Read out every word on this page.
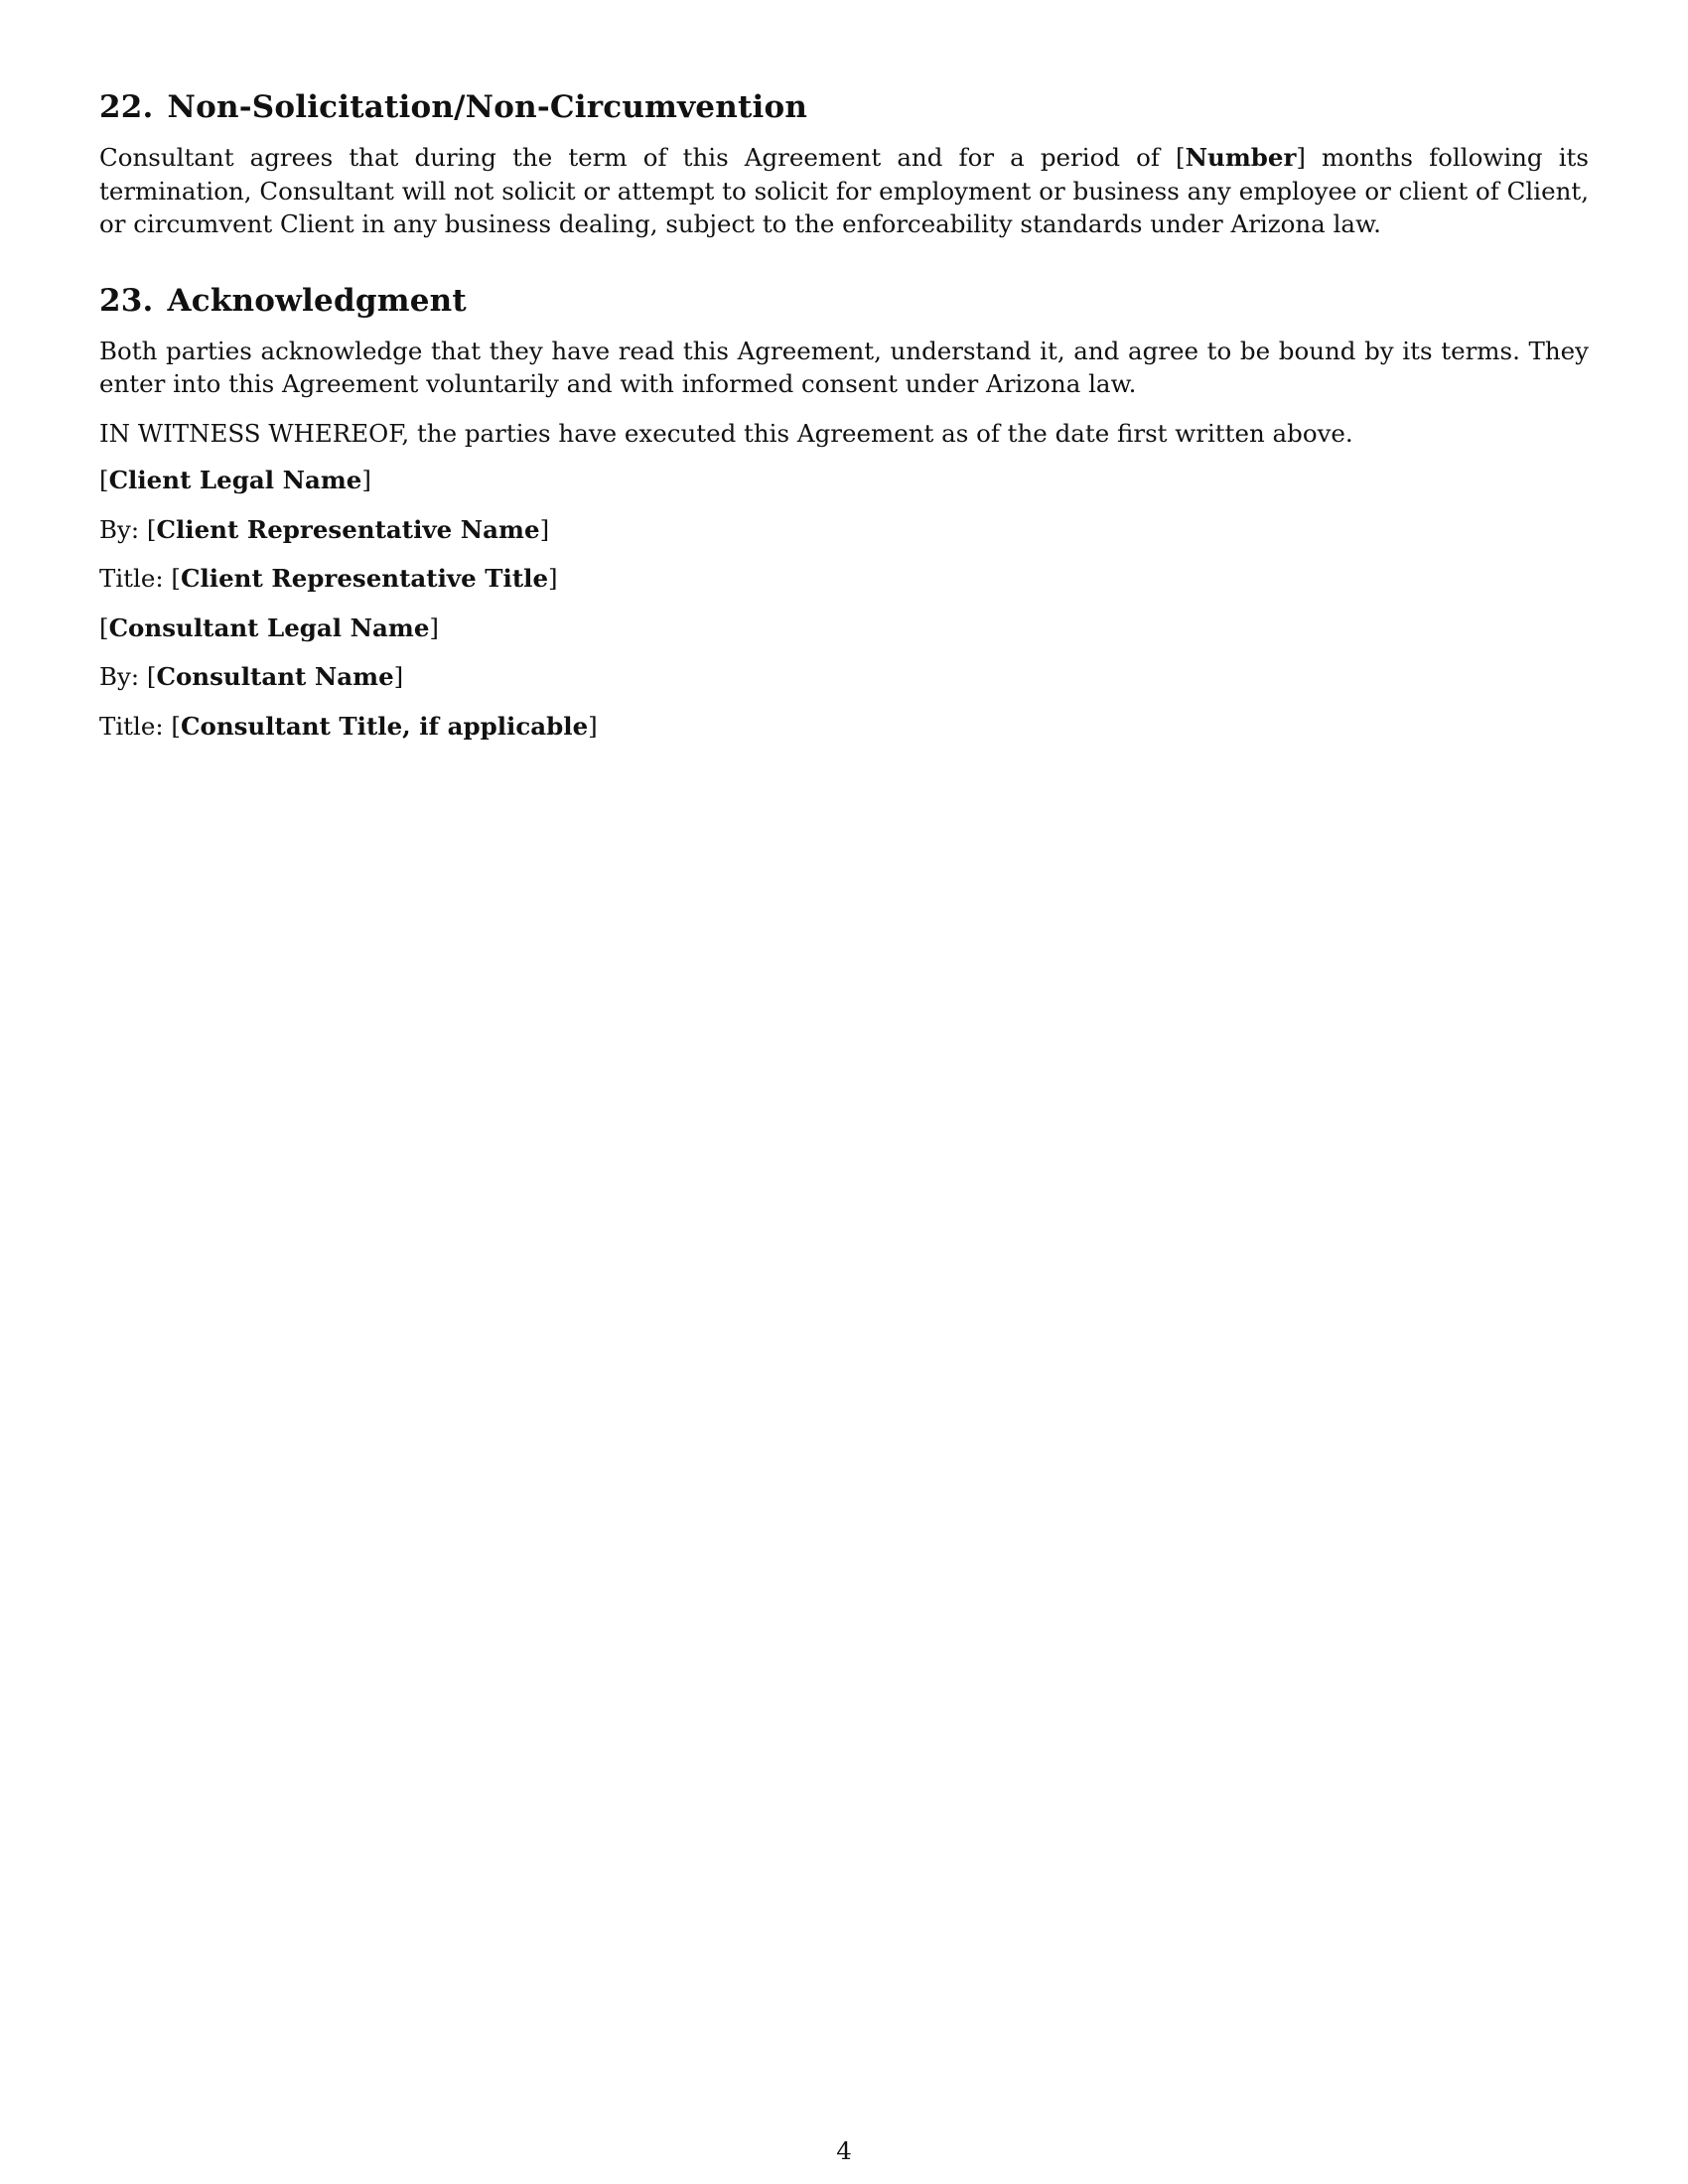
22. Non-Solicitation/Non-Circumvention

Consultant agrees that during the term of this Agreement and for a period of [Number] months following its termination, Consultant will not solicit or attempt to solicit for employment or business any employee or client of Client, or circumvent Client in any business dealing, subject to the enforceability standards under Arizona law.

23. Acknowledgment

Both parties acknowledge that they have read this Agreement, understand it, and agree to be bound by its terms. They enter into this Agreement voluntarily and with informed consent under Arizona law.

IN WITNESS WHEREOF, the parties have executed this Agreement as of the date first written above.

[Client Legal Name]

By: [Client Representative Name]

Title: [Client Representative Title]

[Consultant Legal Name]

By: [Consultant Name]

Title: [Consultant Title, if applicable]

4
